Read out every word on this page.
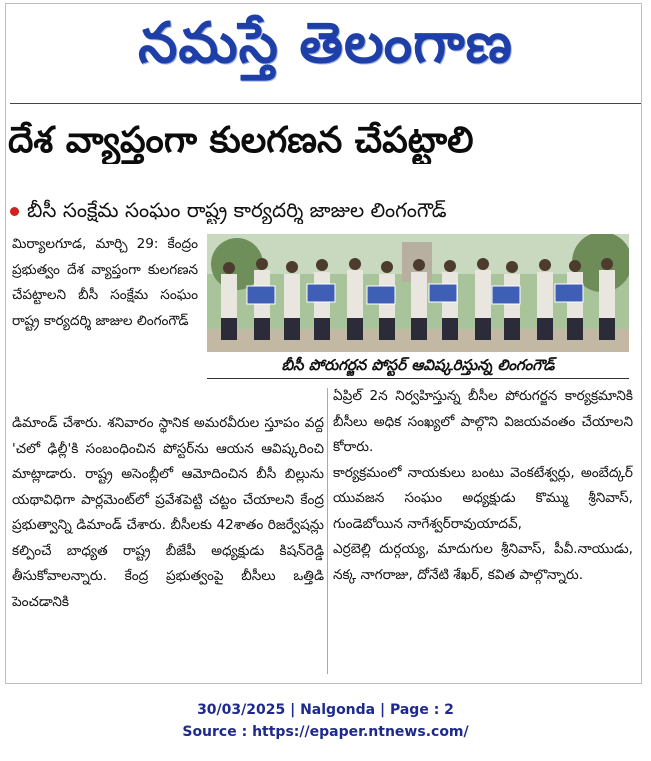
నమస్తే తెలంగాణ
దేశ వ్యాప్తంగా కులగణన చేపట్టాలి
బీసీ సంక్షేమ సంఘం రాష్ట్ర కార్యదర్శి జాజుల లింగంగౌడ్

మిర్యాలగూడ, మార్చి 29: కేంద్రం ప్రభుత్వం దేశ వ్యాప్తంగా కులగణన చేపట్టాలని బీసీ సంక్షేమ సంఘం రాష్ట్ర కార్యదర్శి జాజుల లింగంగౌడ్

బీసీ పోరుగర్జన పోస్టర్ ఆవిష్కరిస్తున్న లింగంగౌడ్

డిమాండ్ చేశారు. శనివారం స్థానిక అమరవీరుల స్తూపం వద్ద 'చలో ఢిల్లీ'కి సంబంధించిన పోస్టర్‌ను ఆయన ఆవిష్కరించి మాట్లాడారు. రాష్ట్ర అసెంబ్లీలో ఆమోదించిన బీసీ బిల్లును యథావిధిగా పార్లమెంట్‌లో ప్రవేశపెట్టి చట్టం చేయాలని కేంద్ర ప్రభుత్వాన్ని డిమాండ్ చేశారు. బీసీలకు 42శాతం రిజర్వేషన్లు కల్పించే బాధ్యత రాష్ట్ర బీజేపీ అధ్యక్షుడు కిషన్‌రెడ్డి తీసుకోవాలన్నారు. కేంద్ర ప్రభుత్వంపై బీసీలు ఒత్తిడి పెంచడానికి

ఏప్రిల్ 2న నిర్వహిస్తున్న బీసీల పోరుగర్జన కార్యక్రమానికి బీసీలు అధిక సంఖ్యలో పాల్గొని విజయవంతం చేయాలని కోరారు.

కార్యక్రమంలో నాయకులు బంటు వెంకటేశ్వర్లు, అంబేద్కర్ యువజన సంఘం అధ్యక్షుడు కొమ్ము శ్రీనివాస్, గుండెబోయిన నాగేశ్వర్‌రావుయాదవ్,

ఎర్రబెల్లి దుర్గయ్య, మాదుగుల శ్రీనివాస్, పీవీ.నాయుడు, నక్క నాగరాజు, దోనేటి శేఖర్, కవిత పాల్గొన్నారు.

30/03/2025 | Nalgonda | Page : 2
Source : https://epaper.ntnews.com/
